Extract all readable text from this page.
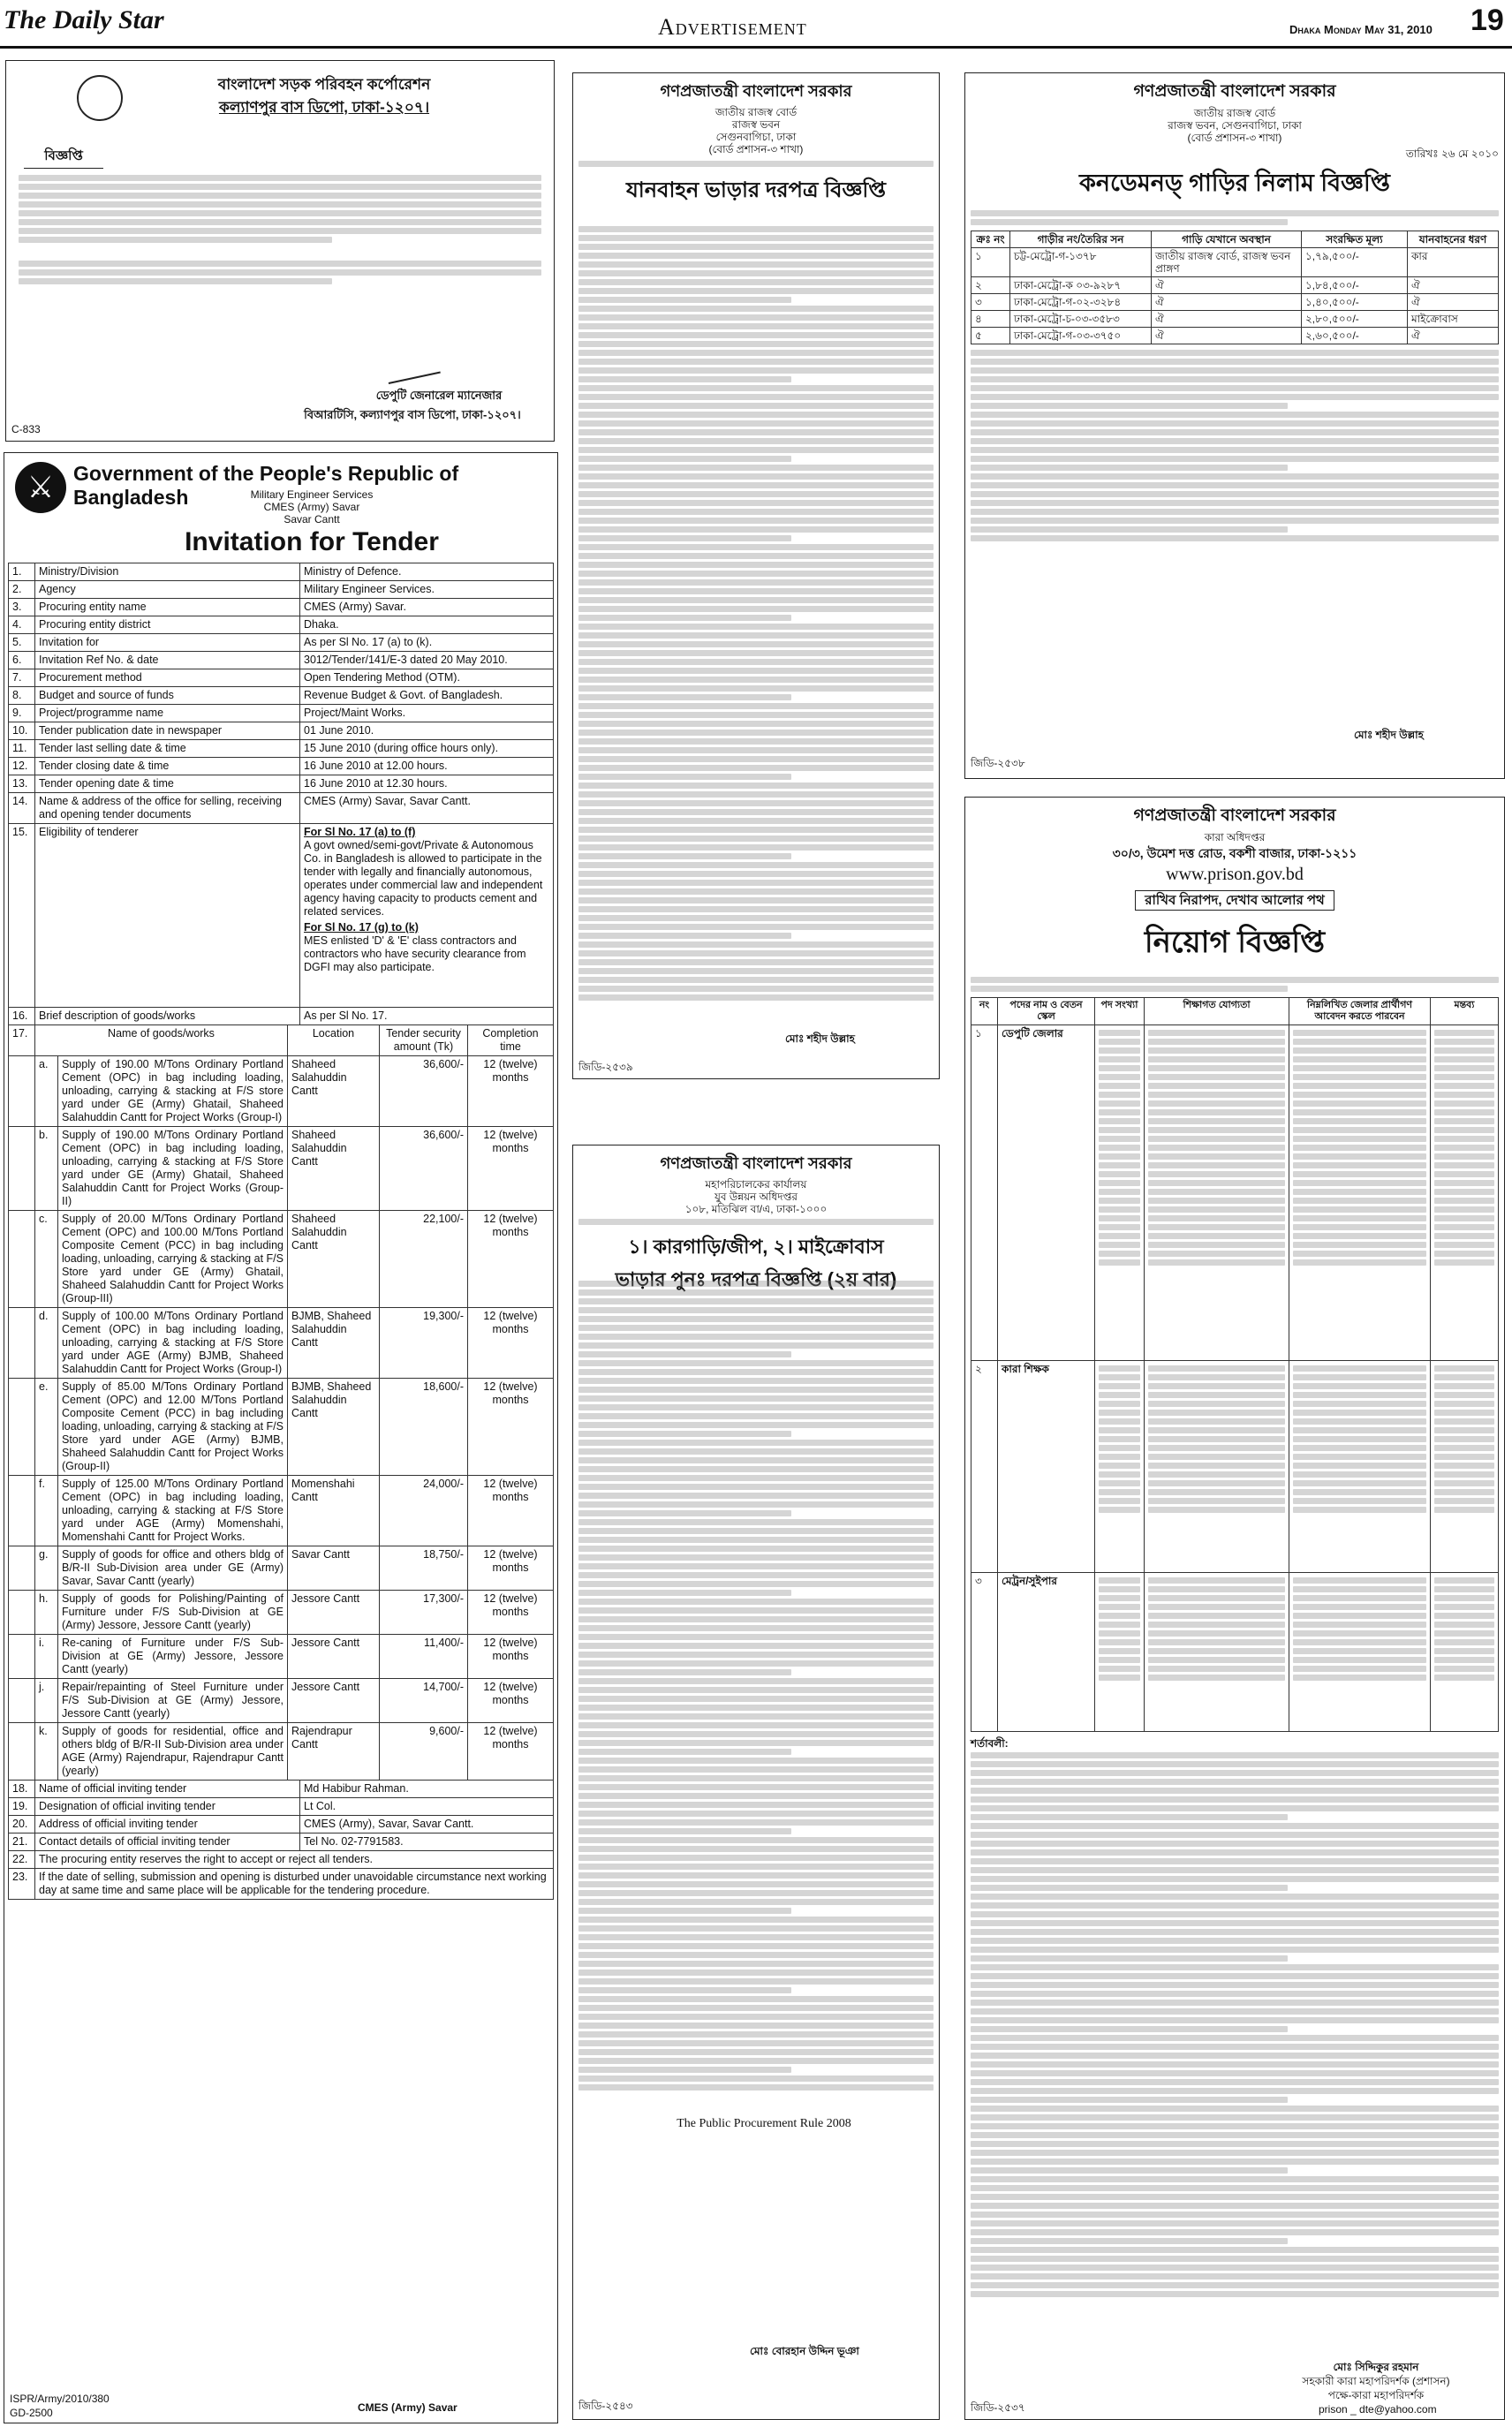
The Daily Star	Advertisement	Dhaka Monday May 31, 2010 19
বাংলাদেশ সড়ক পরিবহন কর্পোরেশন
কল্যাণপুর বাস ডিপো, ঢাকা-১২০৭।
বিজ্ঞপ্তি
ডেপুটি জেনারেল ম্যানেজার
বিআরটিসি, কল্যাণপুর বাস ডিপো, ঢাকা-১২০৭।
C-833
⚔ Government of the People's Republic of Bangladesh	Military Engineer Services
CMES (Army) Savar
Savar Cantt
Invitation for Tender
1.	Ministry/Division	Ministry of Defence.
2.	Agency	Military Engineer Services.
3.	Procuring entity name	CMES (Army) Savar.
4.	Procuring entity district	Dhaka.
5.	Invitation for	As per Sl No. 17 (a) to (k).
6.	Invitation Ref No. & date	3012/Tender/141/E-3 dated 20 May 2010.
7.	Procurement method	Open Tendering Method (OTM).
8.	Budget and source of funds	Revenue Budget & Govt. of Bangladesh.
9.	Project/programme name	Project/Maint Works.
10.	Tender publication date in newspaper	01 June 2010.
11.	Tender last selling date & time	15 June 2010 (during office hours only).
12.	Tender closing date & time	16 June 2010 at 12.00 hours.
13.	Tender opening date & time	16 June 2010 at 12.30 hours.
14.	Name & address of the office for selling, receiving and opening tender documents	CMES (Army) Savar, Savar Cantt.
15.	Eligibility of tenderer	For Sl No. 17 (a) to (f)
A govt owned/semi-govt/Private & Autonomous Co. in Bangladesh is allowed to participate in the tender with legally and financially autonomous, operates under commercial law and independent agency having capacity to products cement and related services.
For Sl No. 17 (g) to (k)
MES enlisted 'D' & 'E' class contractors and contractors who have security clearance from DGFI may also participate.

16.	Brief description of goods/works	As per Sl No. 17.
17.	Name of goods/works		Location	Tender security amount (Tk)	Completion time
	a.	Supply of 190.00 M/Tons Ordinary Portland Cement (OPC) in bag including loading, unloading, carrying & stacking at F/S store yard under GE (Army) Ghatail, Shaheed Salahuddin Cantt for Project Works (Group-I)	Shaheed Salahuddin Cantt	36,600/-	12 (twelve) months
	b.	Supply of 190.00 M/Tons Ordinary Portland Cement (OPC) in bag including loading, unloading, carrying & stacking at F/S Store yard under GE (Army) Ghatail, Shaheed Salahuddin Cantt for Project Works (Group-II)	Shaheed Salahuddin Cantt	36,600/-	12 (twelve) months
	c.	Supply of 20.00 M/Tons Ordinary Portland Cement (OPC) and 100.00 M/Tons Portland Composite Cement (PCC) in bag including loading, unloading, carrying & stacking at F/S Store yard under GE (Army) Ghatail, Shaheed Salahuddin Cantt for Project Works (Group-III)	Shaheed Salahuddin Cantt	22,100/-	12 (twelve) months
	d.	Supply of 100.00 M/Tons Ordinary Portland Cement (OPC) in bag including loading, unloading, carrying & stacking at F/S Store yard under AGE (Army) BJMB, Shaheed Salahuddin Cantt for Project Works (Group-I)	BJMB, Shaheed Salahuddin Cantt	19,300/-	12 (twelve) months
	e.	Supply of 85.00 M/Tons Ordinary Portland Cement (OPC) and 12.00 M/Tons Portland Composite Cement (PCC) in bag including loading, unloading, carrying & stacking at F/S Store yard under AGE (Army) BJMB, Shaheed Salahuddin Cantt for Project Works (Group-II)	BJMB, Shaheed Salahuddin Cantt	18,600/-	12 (twelve) months
	f.	Supply of 125.00 M/Tons Ordinary Portland Cement (OPC) in bag including loading, unloading, carrying & stacking at F/S Store yard under AGE (Army) Momenshahi, Momenshahi Cantt for Project Works.	Momenshahi Cantt	24,000/-	12 (twelve) months
	g.	Supply of goods for office and others bldg of B/R-II Sub-Division area under GE (Army) Savar, Savar Cantt (yearly)	Savar Cantt	18,750/-	12 (twelve) months
	h.	Supply of goods for Polishing/Painting of Furniture under F/S Sub-Division at GE (Army) Jessore, Jessore Cantt (yearly)	Jessore Cantt	17,300/-	12 (twelve) months
	i.	Re-caning of Furniture under F/S Sub-Division at GE (Army) Jessore, Jessore Cantt (yearly)	Jessore Cantt	11,400/-	12 (twelve) months
	j.	Repair/repainting of Steel Furniture under F/S Sub-Division at GE (Army) Jessore, Jessore Cantt (yearly)	Jessore Cantt	14,700/-	12 (twelve) months
	k.	Supply of goods for residential, office and others bldg of B/R-II Sub-Division area under AGE (Army) Rajendrapur, Rajendrapur Cantt (yearly)	Rajendrapur Cantt	9,600/-	12 (twelve) months
18.	Name of official inviting tender	Md Habibur Rahman.
19.	Designation of official inviting tender	Lt Col.
20.	Address of official inviting tender	CMES (Army), Savar, Savar Cantt.
21.	Contact details of official inviting tender	Tel No. 02-7791583.
22.	The procuring entity reserves the right to accept or reject all tenders.
23.	If the date of selling, submission and opening is disturbed under unavoidable circumstance next working day at same time and same place will be applicable for the tendering procedure.
ISPR/Army/2010/380
GD-2500	CMES (Army) Savar
গণপ্রজাতন্ত্রী বাংলাদেশ সরকার
জাতীয় রাজস্ব বোর্ড
রাজস্ব ভবন
সেগুনবাগিচা, ঢাকা
(বোর্ড প্রশাসন-৩ শাখা)
যানবাহন ভাড়ার দরপত্র বিজ্ঞপ্তি
মোঃ শহীদ উল্লাহ
জিডি-২৫৩৯
গণপ্রজাতন্ত্রী বাংলাদেশ সরকার
মহাপরিচালকের কার্যালয়
যুব উন্নয়ন অধিদপ্তর
১০৮, মতিঝিল বা/এ, ঢাকা-১০০০
১। কারগাড়ি/জীপ, ২। মাইক্রোবাস
ভাড়ার পুনঃ দরপত্র বিজ্ঞপ্তি (২য় বার)
The Public Procurement Rule 2008
মোঃ বোরহান উদ্দিন ভূঞা
জিডি-২৫৪৩
গণপ্রজাতন্ত্রী বাংলাদেশ সরকার
জাতীয় রাজস্ব বোর্ড
রাজস্ব ভবন, সেগুনবাগিচা, ঢাকা
(বোর্ড প্রশাসন-৩ শাখা)
তারিখঃ ২৬ মে ২০১০
কনডেমনড্ গাড়ির নিলাম বিজ্ঞপ্তি
ক্রঃ নং	গাড়ীর নং/তৈরির সন	গাড়ি যেখানে অবস্থান	সংরক্ষিত মূল্য	যানবাহনের ধরণ
১	চট্ট-মেট্রো-গ-১৩৭৮	জাতীয় রাজস্ব বোর্ড, রাজস্ব ভবন প্রাঙ্গণ	১,৭৯,৫০০/-	কার
২	ঢাকা-মেট্রো-ক ০৩-৯২৮৭	ঐ	১,৮৪,৫০০/-	ঐ
৩	ঢাকা-মেট্রো-গ-০২-৩২৮৪	ঐ	১,৪০,৫০০/-	ঐ
৪	ঢাকা-মেট্রো-চ-০৩-৩৫৮৩	ঐ	২,৮০,৫০০/-	মাইক্রোবাস
৫	ঢাকা-মেট্রো-গ-০৩-৩৭৫০	ঐ	২,৬০,৫০০/-	ঐ
মোঃ শহীদ উল্লাহ
জিডি-২৫৩৮
গণপ্রজাতন্ত্রী বাংলাদেশ সরকার
কারা অধিদপ্তর
৩০/৩, উমেশ দত্ত রোড, বকশী বাজার, ঢাকা-১২১১
www.prison.gov.bd
রাখিব নিরাপদ, দেখাব আলোর পথ
নিয়োগ বিজ্ঞপ্তি
নং	পদের নাম ও বেতন স্কেল	পদ সংখ্যা	শিক্ষাগত যোগ্যতা	নিম্নলিখিত জেলার প্রার্থীগণ আবেদন করতে পারবেন	মন্তব্য
১	ডেপুটি জেলার	

২	কারা শিক্ষক	

৩	মেট্রন/সুইপার	

শর্তাবলী:
মোঃ সিদ্দিকুর রহমান
সহকারী কারা মহাপরিদর্শক (প্রশাসন)
পক্ষে-কারা মহাপরিদর্শক
জিডি-২৫৩৭	prison _ dte@yahoo.com
